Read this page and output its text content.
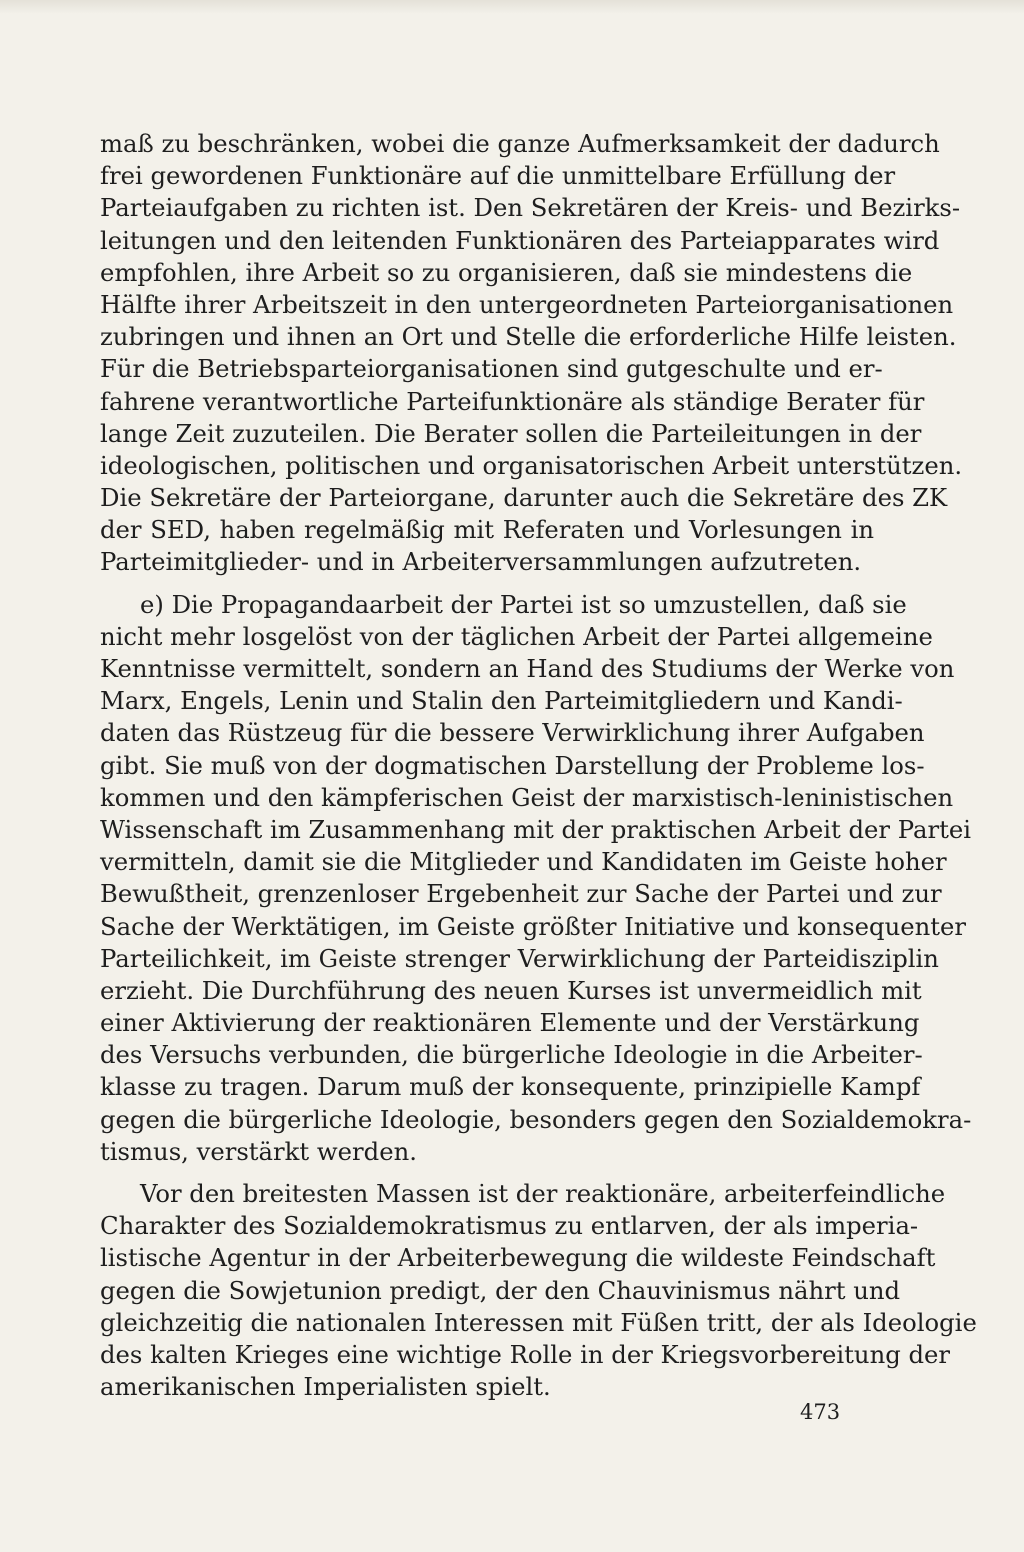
maß zu beschränken, wobei die ganze Aufmerksamkeit der dadurch
frei gewordenen Funktionäre auf die unmittelbare Erfüllung der
Parteiaufgaben zu richten ist. Den Sekretären der Kreis- und Bezirks-
leitungen und den leitenden Funktionären des Parteiapparates wird
empfohlen, ihre Arbeit so zu organisieren, daß sie mindestens die
Hälfte ihrer Arbeitszeit in den untergeordneten Parteiorganisationen
zubringen und ihnen an Ort und Stelle die erforderliche Hilfe leisten.
Für die Betriebsparteiorganisationen sind gutgeschulte und er-
fahrene verantwortliche Parteifunktionäre als ständige Berater für
lange Zeit zuzuteilen. Die Berater sollen die Parteileitungen in der
ideologischen, politischen und organisatorischen Arbeit unterstützen.
Die Sekretäre der Parteiorgane, darunter auch die Sekretäre des ZK
der SED, haben regelmäßig mit Referaten und Vorlesungen in
Parteimitglieder- und in Arbeiterversammlungen aufzutreten.
e) Die Propagandaarbeit der Partei ist so umzustellen, daß sie
nicht mehr losgelöst von der täglichen Arbeit der Partei allgemeine
Kenntnisse vermittelt, sondern an Hand des Studiums der Werke von
Marx, Engels, Lenin und Stalin den Parteimitgliedern und Kandi-
daten das Rüstzeug für die bessere Verwirklichung ihrer Aufgaben
gibt. Sie muß von der dogmatischen Darstellung der Probleme los-
kommen und den kämpferischen Geist der marxistisch-leninistischen
Wissenschaft im Zusammenhang mit der praktischen Arbeit der Partei
vermitteln, damit sie die Mitglieder und Kandidaten im Geiste hoher
Bewußtheit, grenzenloser Ergebenheit zur Sache der Partei und zur
Sache der Werktätigen, im Geiste größter Initiative und konsequenter
Parteilichkeit, im Geiste strenger Verwirklichung der Parteidisziplin
erzieht. Die Durchführung des neuen Kurses ist unvermeidlich mit
einer Aktivierung der reaktionären Elemente und der Verstärkung
des Versuchs verbunden, die bürgerliche Ideologie in die Arbeiter-
klasse zu tragen. Darum muß der konsequente, prinzipielle Kampf
gegen die bürgerliche Ideologie, besonders gegen den Sozialdemokra-
tismus, verstärkt werden.
Vor den breitesten Massen ist der reaktionäre, arbeiterfeindliche
Charakter des Sozialdemokratismus zu entlarven, der als imperia-
listische Agentur in der Arbeiterbewegung die wildeste Feindschaft
gegen die Sowjetunion predigt, der den Chauvinismus nährt und
gleichzeitig die nationalen Interessen mit Füßen tritt, der als Ideologie
des kalten Krieges eine wichtige Rolle in der Kriegsvorbereitung der
amerikanischen Imperialisten spielt.
473
